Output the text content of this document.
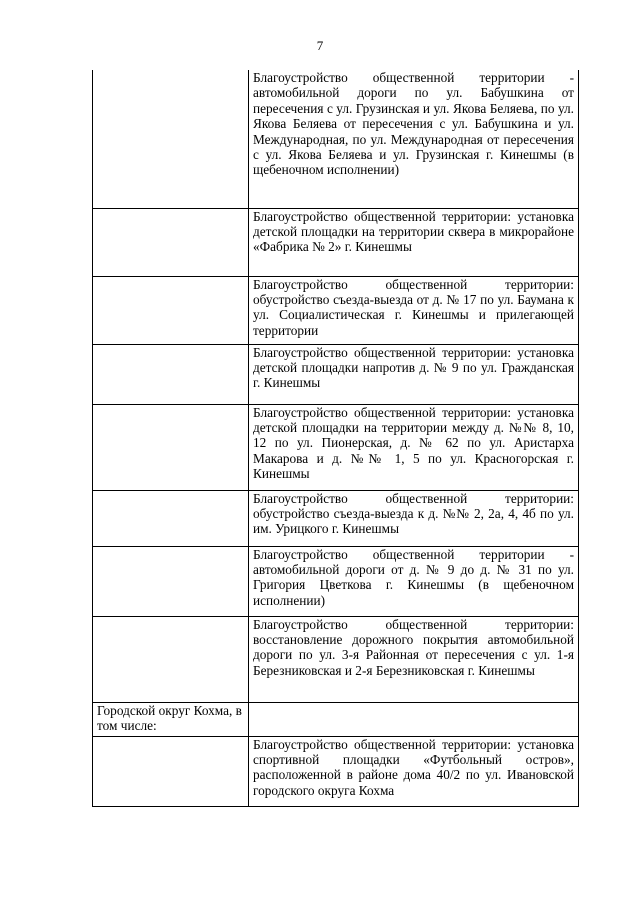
7
	Благоустройство общественной территории - автомобильной дороги по ул. Бабушкина от пересечения с ул. Грузинская и ул. Якова Беляева, по ул. Якова Беляева от пересечения с ул. Бабушкина и ул. Международная, по ул. Международная от пересечения с ул. Якова Беляева и ул. Грузинская г. Кинешмы (в щебеночном исполнении)
	Благоустройство общественной территории: установка детской площадки на территории сквера в микрорайоне «Фабрика № 2» г. Кинешмы
	Благоустройство общественной территории: обустройство съезда-выезда от д. № 17 по ул. Баумана к ул. Социалистическая г. Кинешмы и прилегающей территории
	Благоустройство общественной территории: установка детской площадки напротив д. № 9 по ул. Гражданская г. Кинешмы
	Благоустройство общественной территории: установка детской площадки на территории между д. №№ 8, 10, 12 по ул. Пионерская, д. № 62 по ул. Аристарха Макарова и д. №№ 1, 5 по ул. Красногорская г. Кинешмы
	Благоустройство общественной территории: обустройство съезда-выезда к д. №№ 2, 2а, 4, 4б по ул. им. Урицкого г. Кинешмы
	Благоустройство общественной территории - автомобильной дороги от д. № 9 до д. № 31 по ул. Григория Цветкова г. Кинешмы (в щебеночном исполнении)
	Благоустройство общественной территории: восстановление дорожного покрытия автомобильной дороги по ул. 3-я Районная от пересечения с ул. 1-я Березниковская и 2-я Березниковская г. Кинешмы
Городской округ Кохма, в том числе:	
	Благоустройство общественной территории: установка спортивной площадки «Футбольный остров», расположенной в районе дома 40/2 по ул. Ивановской городского округа Кохма
